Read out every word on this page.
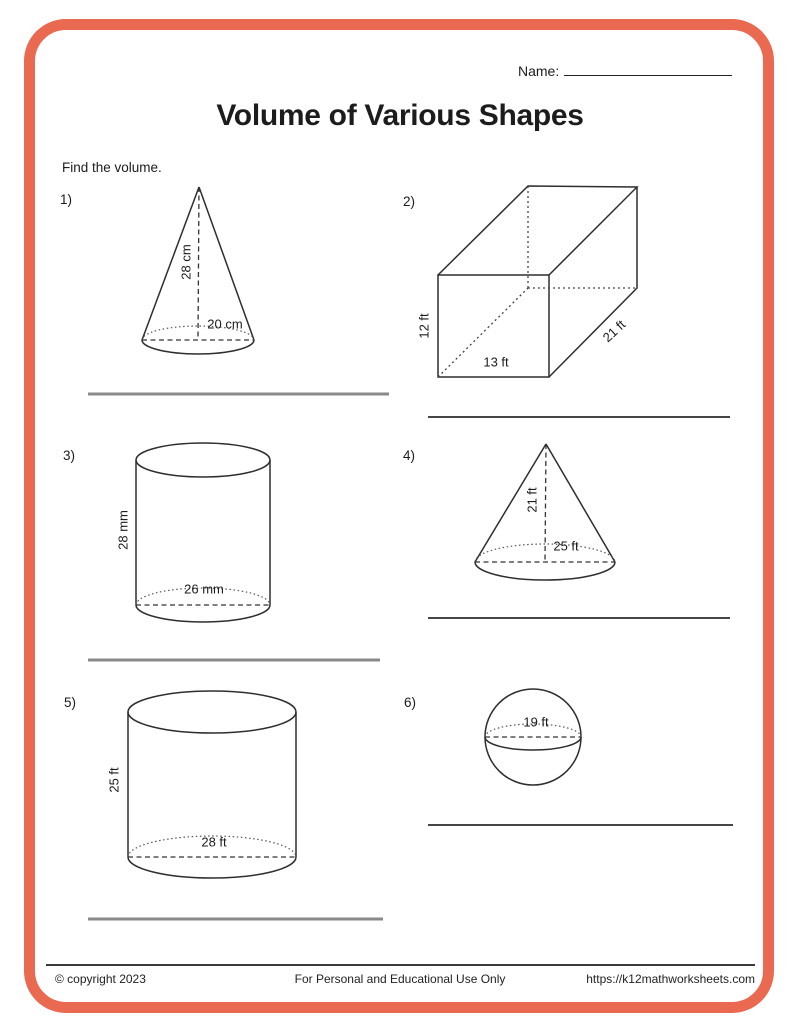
Name:
Volume of Various Shapes
Find the volume.
1)	2)
3)	4)
5)	6)
28 cm
20 cm	12 ft
13 ft
21 ft
28 mm
26 mm
21 ft
25 ft
25 ft
28 ft
19 ft
© copyright 2023	For Personal and Educational Use Only	https://k12mathworksheets.com
